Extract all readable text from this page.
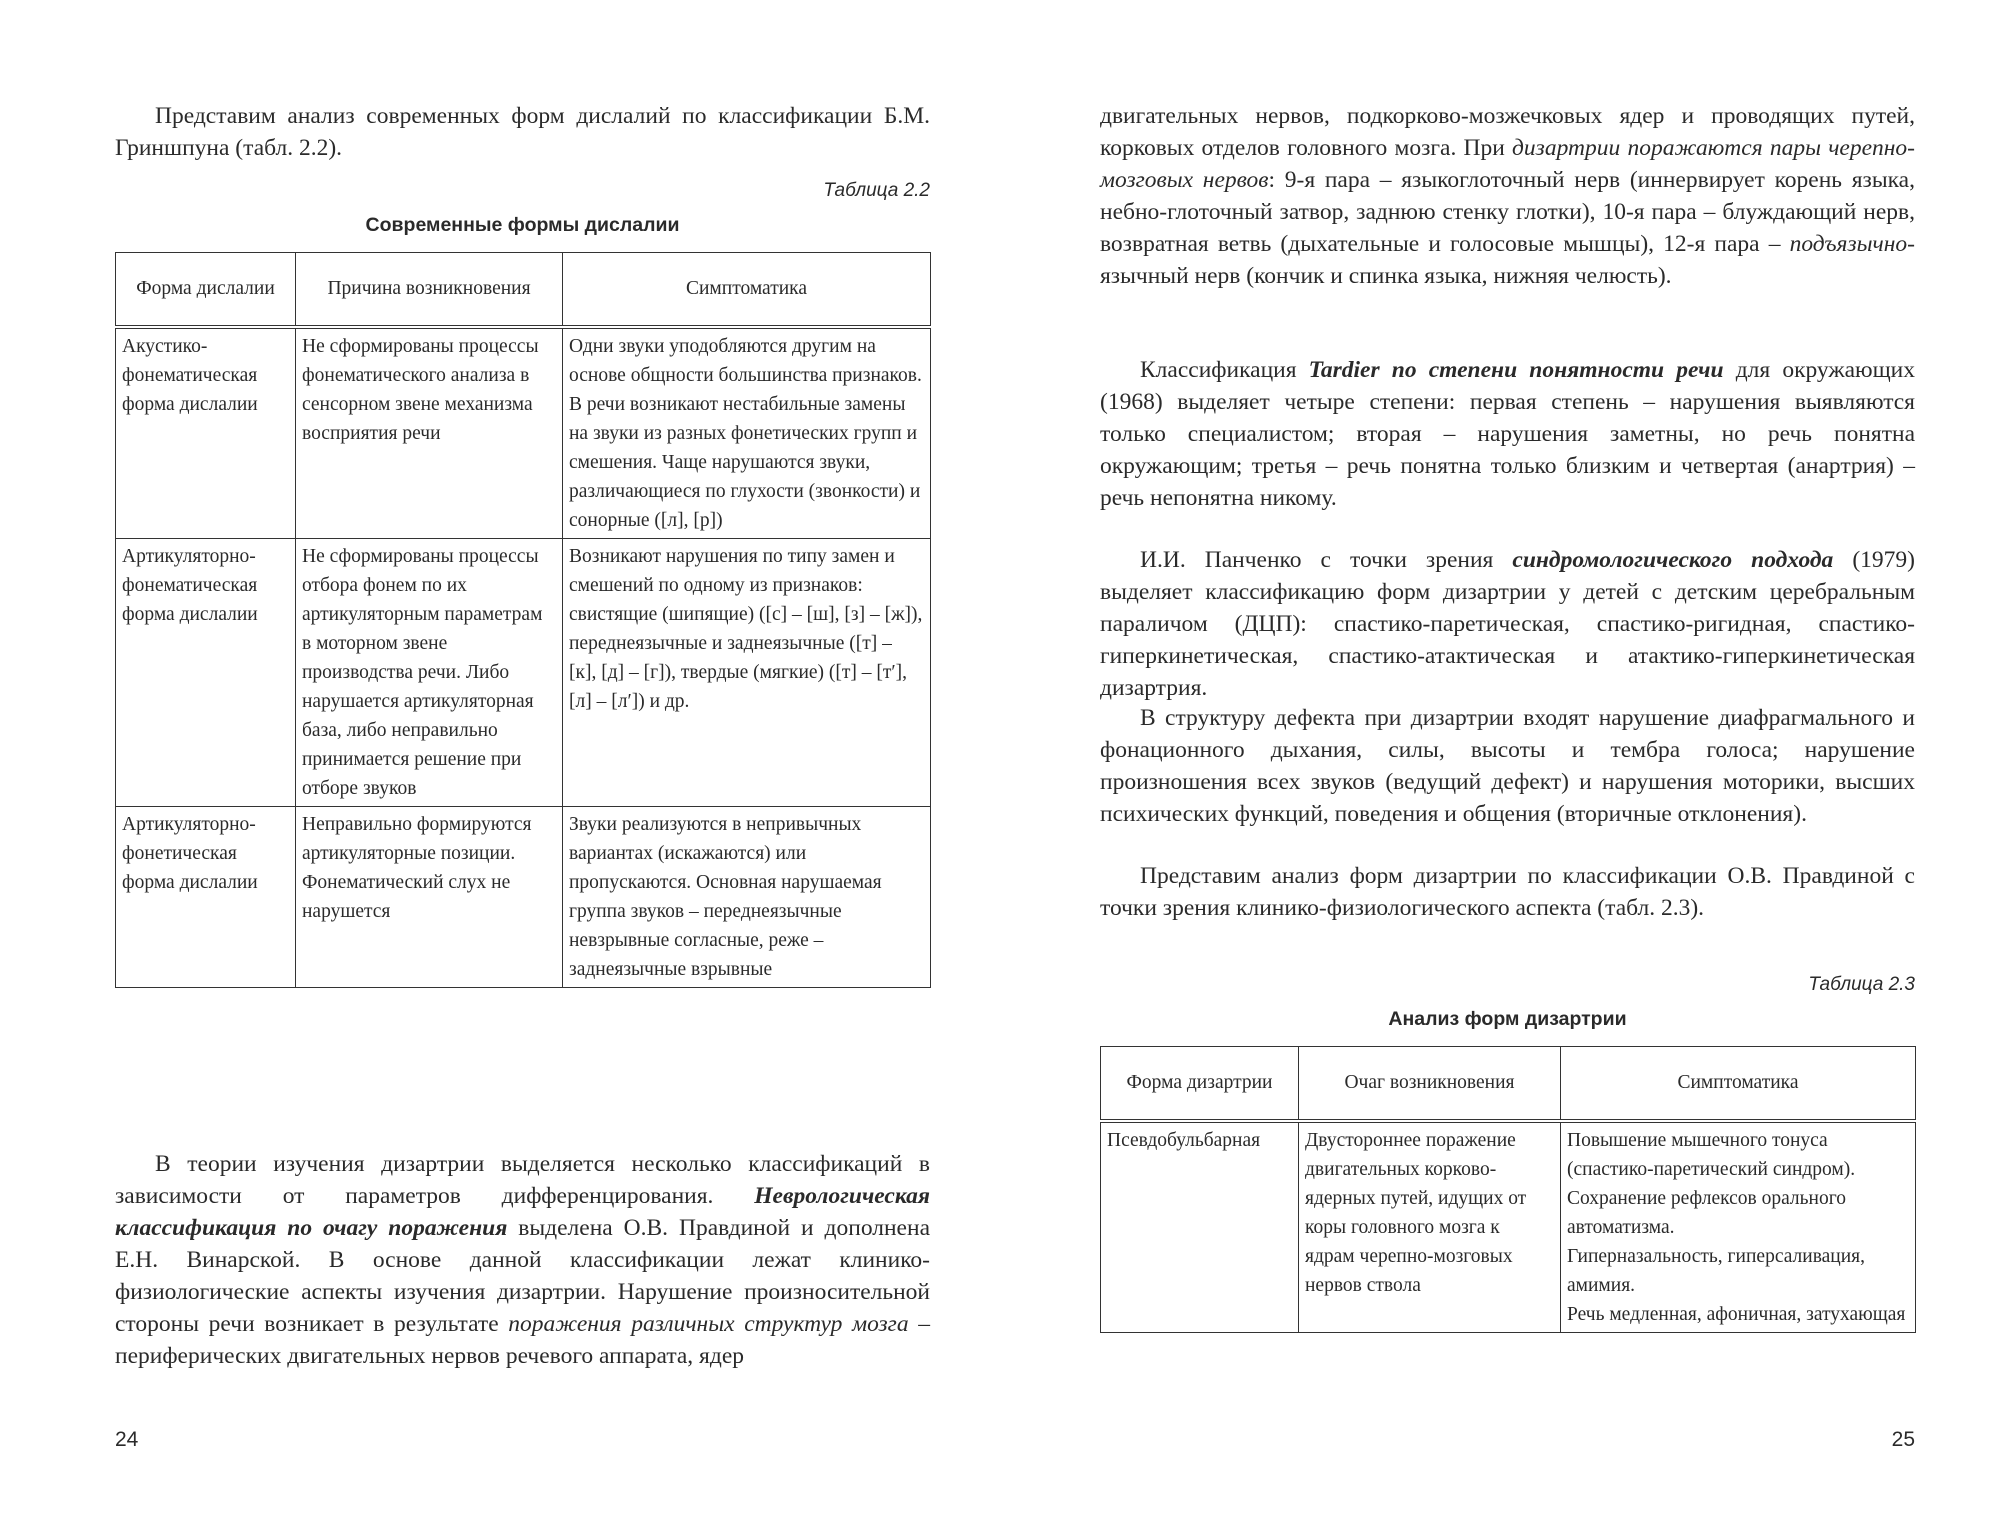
Представим анализ современных форм дислалий по классификации Б.М. Гриншпуна (табл. 2.2).

Таблица 2.2
Современные формы дислалии
Форма дислалии	Причина возникновения	Симптоматика
Акустико-фонематическая форма дислалии	Не сформированы процессы фонематического анализа в сенсорном звене механизма восприятия речи	Одни звуки уподобляются другим на основе общности большинства признаков. В речи возникают нестабильные замены на звуки из разных фонетических групп и смешения. Чаще нарушаются звуки, различающиеся по глухости (звонкости) и сонорные ([л], [р])
Артикуляторно-фонематическая форма дислалии	Не сформированы процессы отбора фонем по их артикуляторным параметрам в моторном звене производства речи. Либо нарушается артикуляторная база, либо неправильно принимается решение при отборе звуков	Возникают нарушения по типу замен и смешений по одному из признаков: свистящие (шипящие) ([с] – [ш], [з] – [ж]), переднеязычные и заднеязычные ([т] – [к], [д] – [г]), твердые (мягкие) ([т] – [т′], [л] – [л′]) и др.
Артикуляторно-фонетическая форма дислалии	Неправильно формируются артикуляторные позиции. Фонематический слух не нарушется	Звуки реализуются в непривычных вариантах (искажаются) или пропускаются. Основная нарушаемая группа звуков – переднеязычные невзрывные согласные, реже – заднеязычные взрывные

В теории изучения дизартрии выделяется несколько классификаций в зависимости от параметров дифференцирования. Неврологическая классификация по очагу поражения выделена О.В. Правдиной и дополнена Е.Н. Винарской. В основе данной классификации лежат клинико-физиологические аспекты изучения дизартрии. Нарушение произносительной стороны речи возникает в результате поражения различных структур мозга – периферических двигательных нервов речевого аппарата, ядер

24

двигательных нервов, подкорково-мозжечковых ядер и проводящих путей, корковых отделов головного мозга. При дизартрии поражаются пары черепно-мозговых нервов: 9-я пара – языкоглоточный нерв (иннервирует корень языка, небно-глоточный затвор, заднюю стенку глотки), 10-я пара – блуждающий нерв, возвратная ветвь (дыхательные и голосовые мышцы), 12-я пара – подъязычно-язычный нерв (кончик и спинка языка, нижняя челюсть).

Классификация Tardier по степени понятности речи для окружающих (1968) выделяет четыре степени: первая степень – нарушения выявляются только специалистом; вторая – нарушения заметны, но речь понятна окружающим; третья – речь понятна только близким и четвертая (анартрия) – речь непонятна никому.

И.И. Панченко с точки зрения синдромологического подхода (1979) выделяет классификацию форм дизартрии у детей с детским церебральным параличом (ДЦП): спастико-паретическая, спастико-ригидная, спастико-гиперкинетическая, спастико-атактическая и атактико-гиперкинетическая дизартрия.

В структуру дефекта при дизартрии входят нарушение диафрагмального и фонационного дыхания, силы, высоты и тембра голоса; нарушение произношения всех звуков (ведущий дефект) и нарушения моторики, высших психических функций, поведения и общения (вторичные отклонения).

Представим анализ форм дизартрии по классификации О.В. Правдиной с точки зрения клинико-физиологического аспекта (табл. 2.3).

Таблица 2.3
Анализ форм дизартрии
Форма дизартрии	Очаг возникновения	Симптоматика
Псевдобульбарная	Двустороннее поражение двигательных корково-ядерных путей, идущих от коры головного мозга к ядрам черепно-мозговых нервов ствола	Повышение мышечного тонуса (спастико-паретический синдром).
Сохранение рефлексов орального автоматизма.
Гиперназальность, гиперсаливация, амимия.
Речь медленная, афоничная, затухающая
25
